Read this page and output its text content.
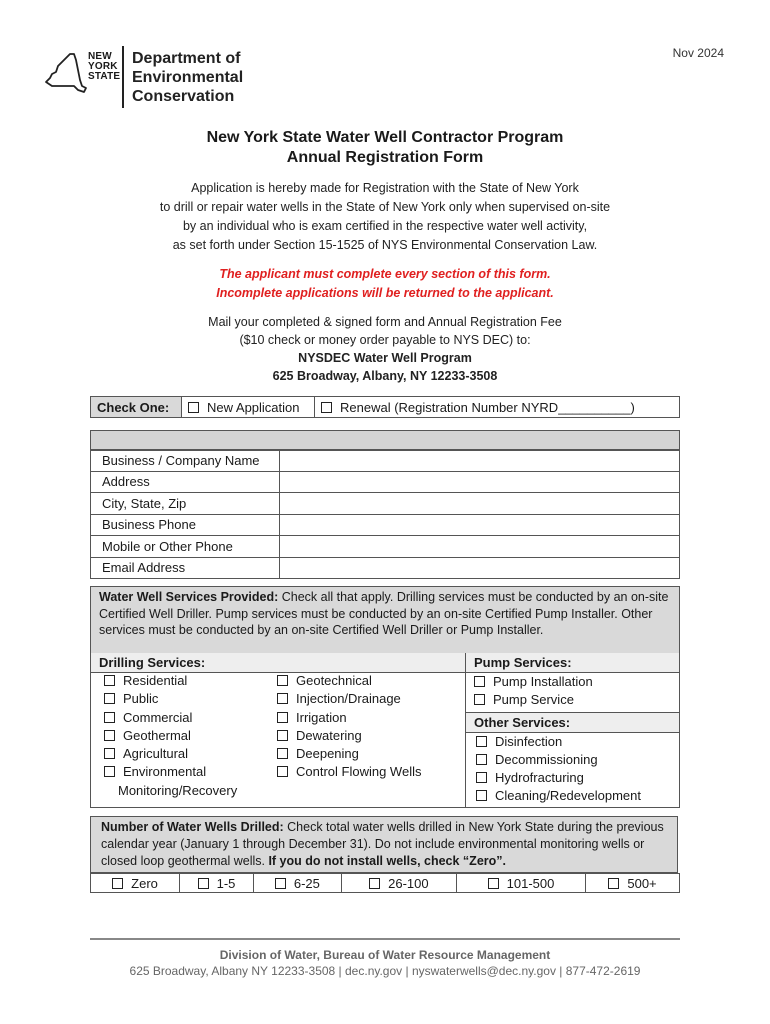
Nov 2024
NEW
YORK
STATE
Department of
Environmental
Conservation
New York State Water Well Contractor Program
Annual Registration Form
Application is hereby made for Registration with the State of New York
to drill or repair water wells in the State of New York only when supervised on-site
by an individual who is exam certified in the respective water well activity,
as set forth under Section 15-1525 of NYS Environmental Conservation Law.
The applicant must complete every section of this form.
Incomplete applications will be returned to the applicant.
Mail your completed & signed form and Annual Registration Fee
($10 check or money order payable to NYS DEC) to:
NYSDEC Water Well Program
625 Broadway, Albany, NY 12233-3508
Check One:	New Application	Renewal (Registration Number NYRD__________)
Business / Company Name	
Address	
City, State, Zip	
Business Phone	
Mobile or Other Phone	
Email Address	
Water Well Services Provided: Check all that apply. Drilling services must be conducted by an on-site Certified Well Driller. Pump services must be conducted by an on-site Certified Pump Installer. Other services must be conducted by an on-site Certified Well Driller or Pump Installer.
Drilling Services:
Residential
Public
Commercial
Geothermal
Agricultural
Environmental
Monitoring/Recovery
Geotechnical
Injection/Drainage
Irrigation
Dewatering
Deepening
Control Flowing Wells
Pump Services:
Pump Installation
Pump Service
Other Services:
Disinfection
Decommissioning
Hydrofracturing
Cleaning/Redevelopment
Number of Water Wells Drilled: Check total water wells drilled in New York State during the previous calendar year (January 1 through December 31). Do not include environmental monitoring wells or closed loop geothermal wells. If you do not install wells, check “Zero”.
Zero	1-5	6-25	26-100	101-500	500+
Division of Water, Bureau of Water Resource Management
625 Broadway, Albany NY 12233-3508 | dec.ny.gov | nyswaterwells@dec.ny.gov | 877-472-2619
